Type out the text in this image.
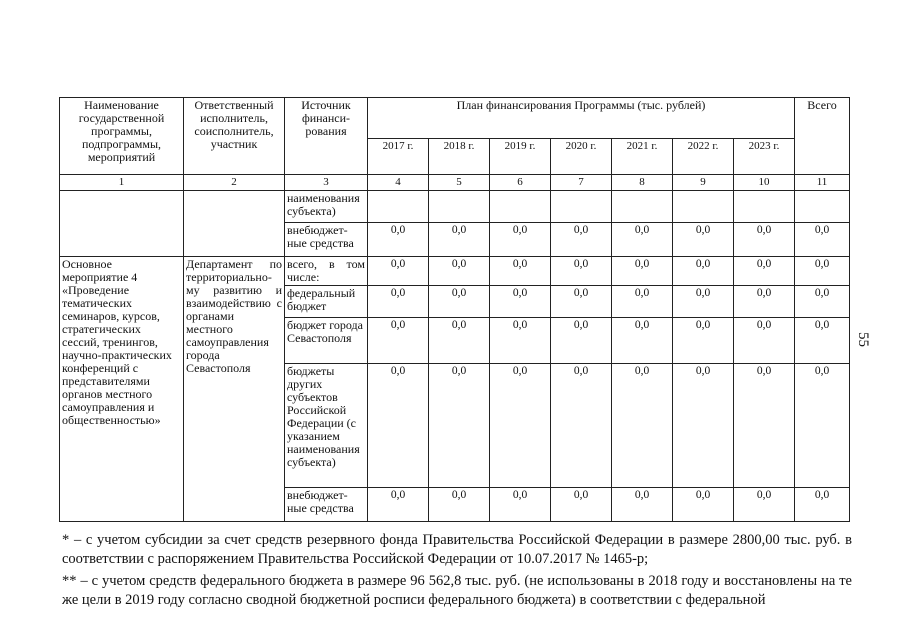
Наименование государственной программы, подпрограммы, мероприятий	Ответственный исполнитель, соисполнитель, участник	Источник финанси-рования	План финансирования Программы (тыс. рублей)							Всего
			2017 г.	2018 г.	2019 г.	2020 г.	2021 г.	2022 г.	2023 г.	
1	2	3	4	5	6	7	8	9	10	11
		наименования субъекта)								
		внебюджет-ные средства	0,0	0,0	0,0	0,0	0,0	0,0	0,0	0,0
Основное мероприятие 4 «Проведение тематических семинаров, курсов, стратегических сессий, тренингов, научно-практических конференций с представителями органов местного самоуправления и общественностью»	Департамент по территориально-му развитию и взаимодействию с органами местного самоуправления города Севастополя	всего, в том числе:	0,0	0,0	0,0	0,0	0,0	0,0	0,0	0,0
		федеральный бюджет	0,0	0,0	0,0	0,0	0,0	0,0	0,0	0,0
		бюджет города Севастополя	0,0	0,0	0,0	0,0	0,0	0,0	0,0	0,0
		бюджеты других субъектов Российской Федерации (с указанием наименования субъекта)	0,0	0,0	0,0	0,0	0,0	0,0	0,0	0,0
		внебюджет-ные средства	0,0	0,0	0,0	0,0	0,0	0,0	0,0	0,0
55

* – с учетом субсидии за счет средств резервного фонда Правительства Российской Федерации в размере 2800,00 тыс. руб. в соответствии с распоряжением Правительства Российской Федерации от 10.07.2017 № 1465-р;

** – с учетом средств федерального бюджета в размере 96 562,8 тыс. руб. (не использованы в 2018 году и восстановлены на те же цели в 2019 году согласно сводной бюджетной росписи федерального бюджета) в соответствии с федеральной
